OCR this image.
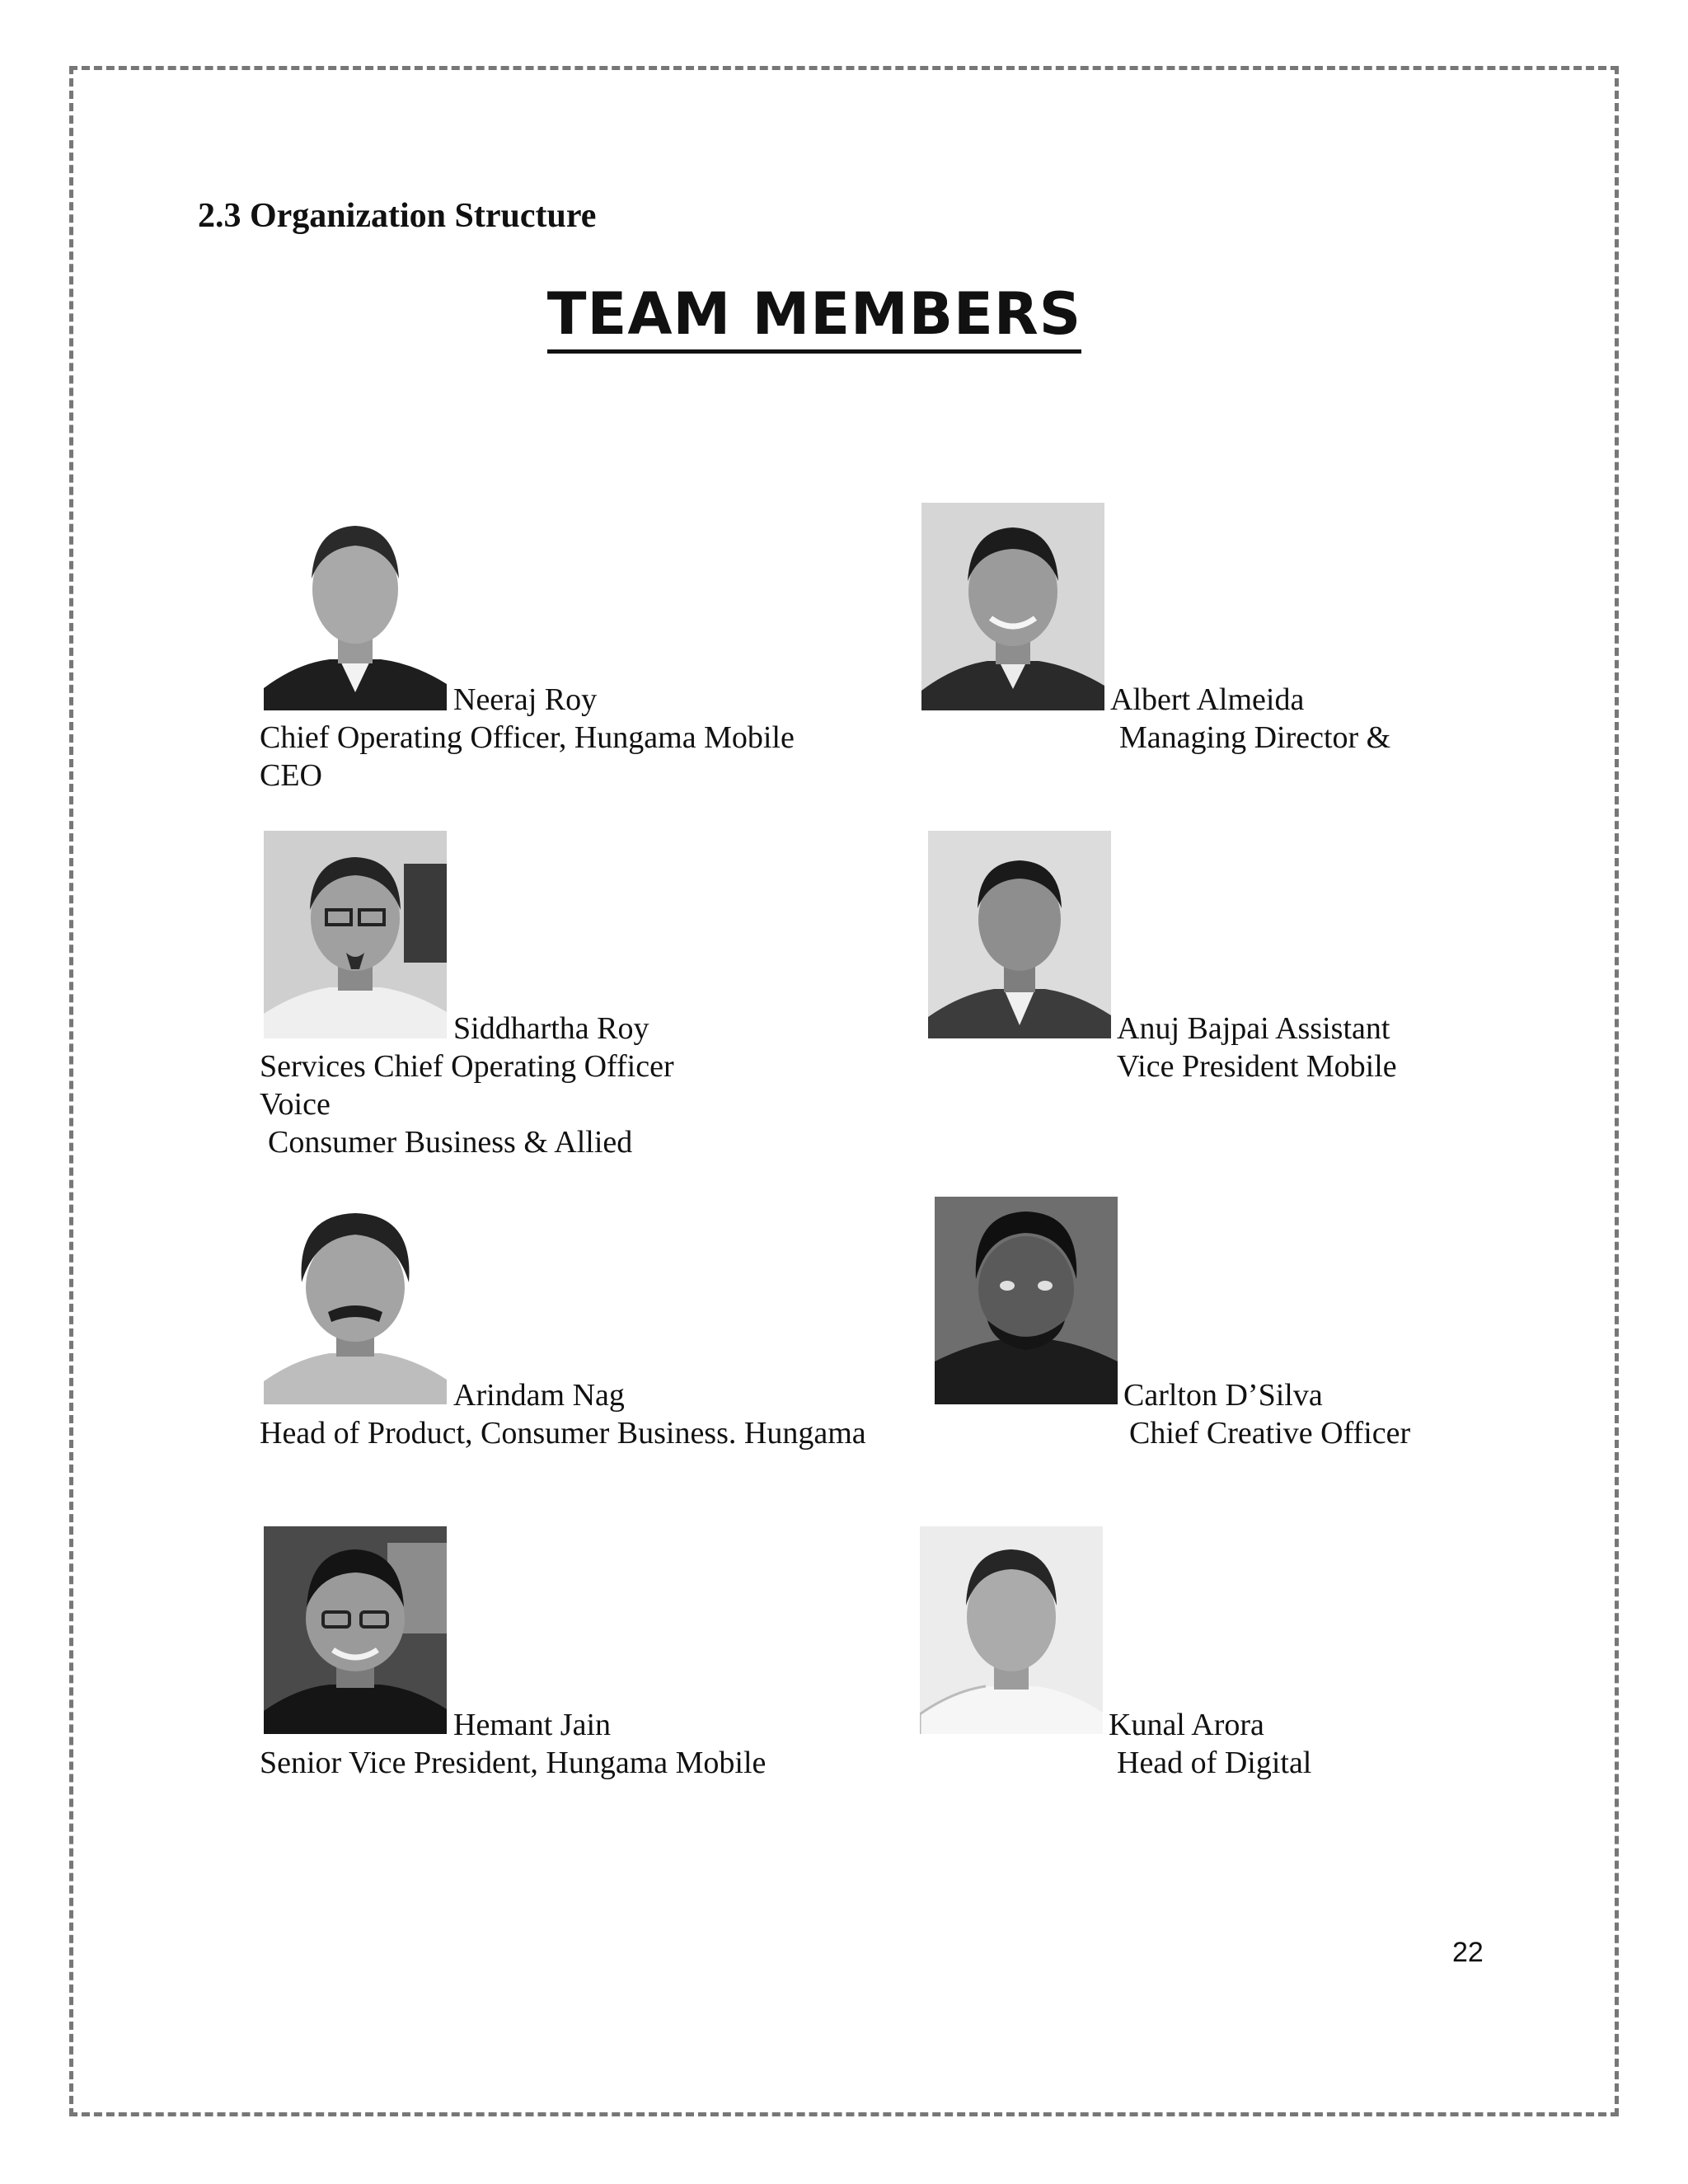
2.3 Organization Structure
TEAM MEMBERS
Neeraj Roy
Chief Operating Officer, Hungama Mobile
CEO
Albert Almeida
Managing Director &
Siddhartha Roy
Services Chief Operating Officer
Voice
Consumer Business & Allied
Anuj Bajpai Assistant
Vice President Mobile
Arindam Nag
Head of Product, Consumer Business. Hungama
Carlton D’Silva
Chief Creative Officer
Hemant Jain
Senior Vice President, Hungama Mobile
Kunal Arora
Head of Digital
22
